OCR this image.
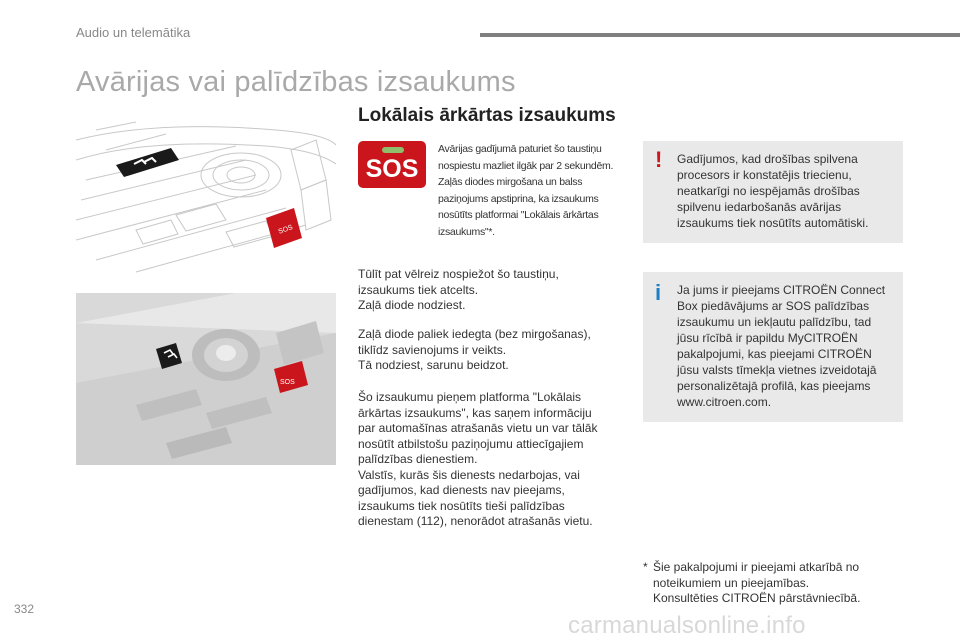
Audio un telemātika
Avārijas vai palīdzības izsaukums
Lokālais ārkārtas izsaukums
SOS
SOS
SOS

Avārijas gadījumā paturiet šo taustiņu nospiestu mazliet ilgāk par 2 sekundēm.

Zaļās diodes mirgošana un balss paziņojums apstiprina, ka izsaukums nosūtīts platformai "Lokālais ārkārtas izsaukums"*.

Tūlīt pat vēlreiz nospiežot šo taustiņu, izsaukums tiek atcelts.

Zaļā diode nodziest.

Zaļā diode paliek iedegta (bez mirgošanas), tiklīdz savienojums ir veikts.

Tā nodziest, sarunu beidzot.

Šo izsaukumu pieņem platforma "Lokālais ārkārtas izsaukums", kas saņem informāciju par automašīnas atrašanās vietu un var tālāk nosūtīt atbilstošu paziņojumu attiecīgajiem palīdzības dienestiem.

Valstīs, kurās šis dienests nedarbojas, vai gadījumos, kad dienests nav pieejams, izsaukums tiek nosūtīts tieši palīdzības dienestam (112), nenorādot atrašanās vietu.

! Gadījumos, kad drošības spilvena procesors ir konstatējis triecienu, neatkarīgi no iespējamās drošības spilvenu iedarbošanās avārijas izsaukums tiek nosūtīts automātiski.

i Ja jums ir pieejams CITROËN Connect Box piedāvājums ar SOS palīdzības izsaukumu un iekļautu palīdzību, tad jūsu rīcībā ir papildu MyCITROËN pakalpojumi, kas pieejami CITROËN jūsu valsts tīmekļa vietnes izveidotajā personalizētajā profilā, kas pieejams www.citroen.com.

* Šie pakalpojumi ir pieejami atkarībā no noteikumiem un pieejamības.

Konsultēties CITROËN pārstāvniecībā.

332
carmanualsonline.info
